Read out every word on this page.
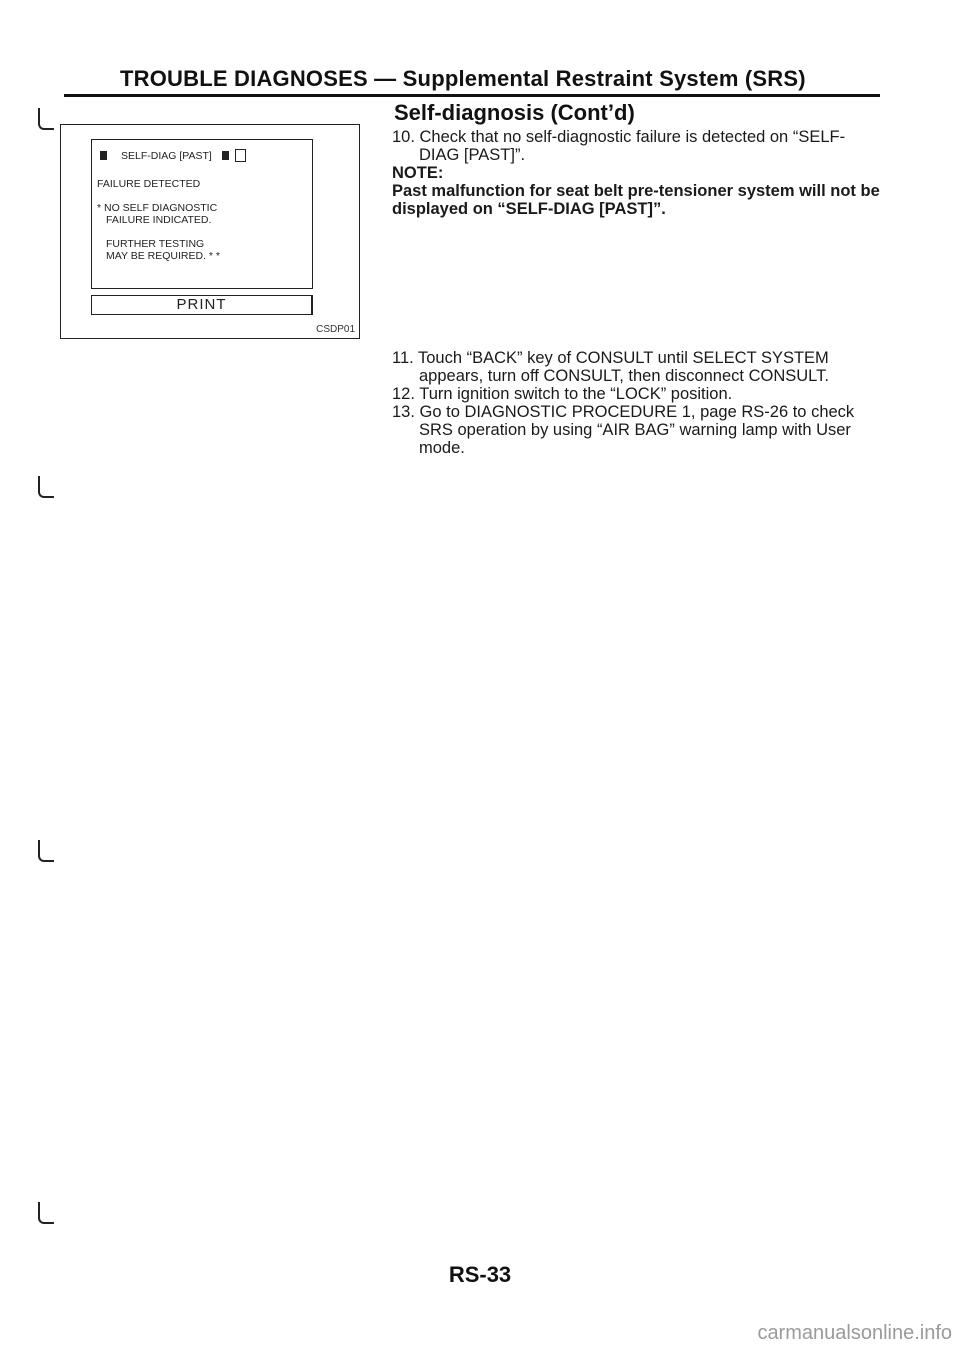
TROUBLE DIAGNOSES — Supplemental Restraint System (SRS)
Self-diagnosis (Cont’d)
SELF-DIAG [PAST]
FAILURE DETECTED
* NO SELF DIAGNOSTIC
FAILURE INDICATED.
FURTHER TESTING
MAY BE REQUIRED. * *
PRINT
CSDP01
10. Check that no self-diagnostic failure is detected on “SELF-DIAG [PAST]”.
NOTE:
Past malfunction for seat belt pre-tensioner system will not be displayed on “SELF-DIAG [PAST]”.
11. Touch “BACK” key of CONSULT until SELECT SYSTEM appears, turn off CONSULT, then disconnect CONSULT.
12. Turn ignition switch to the “LOCK” position.
13. Go to DIAGNOSTIC PROCEDURE 1, page RS-26 to check SRS operation by using “AIR BAG” warning lamp with User mode.
RS-33
carmanualsonline.info
